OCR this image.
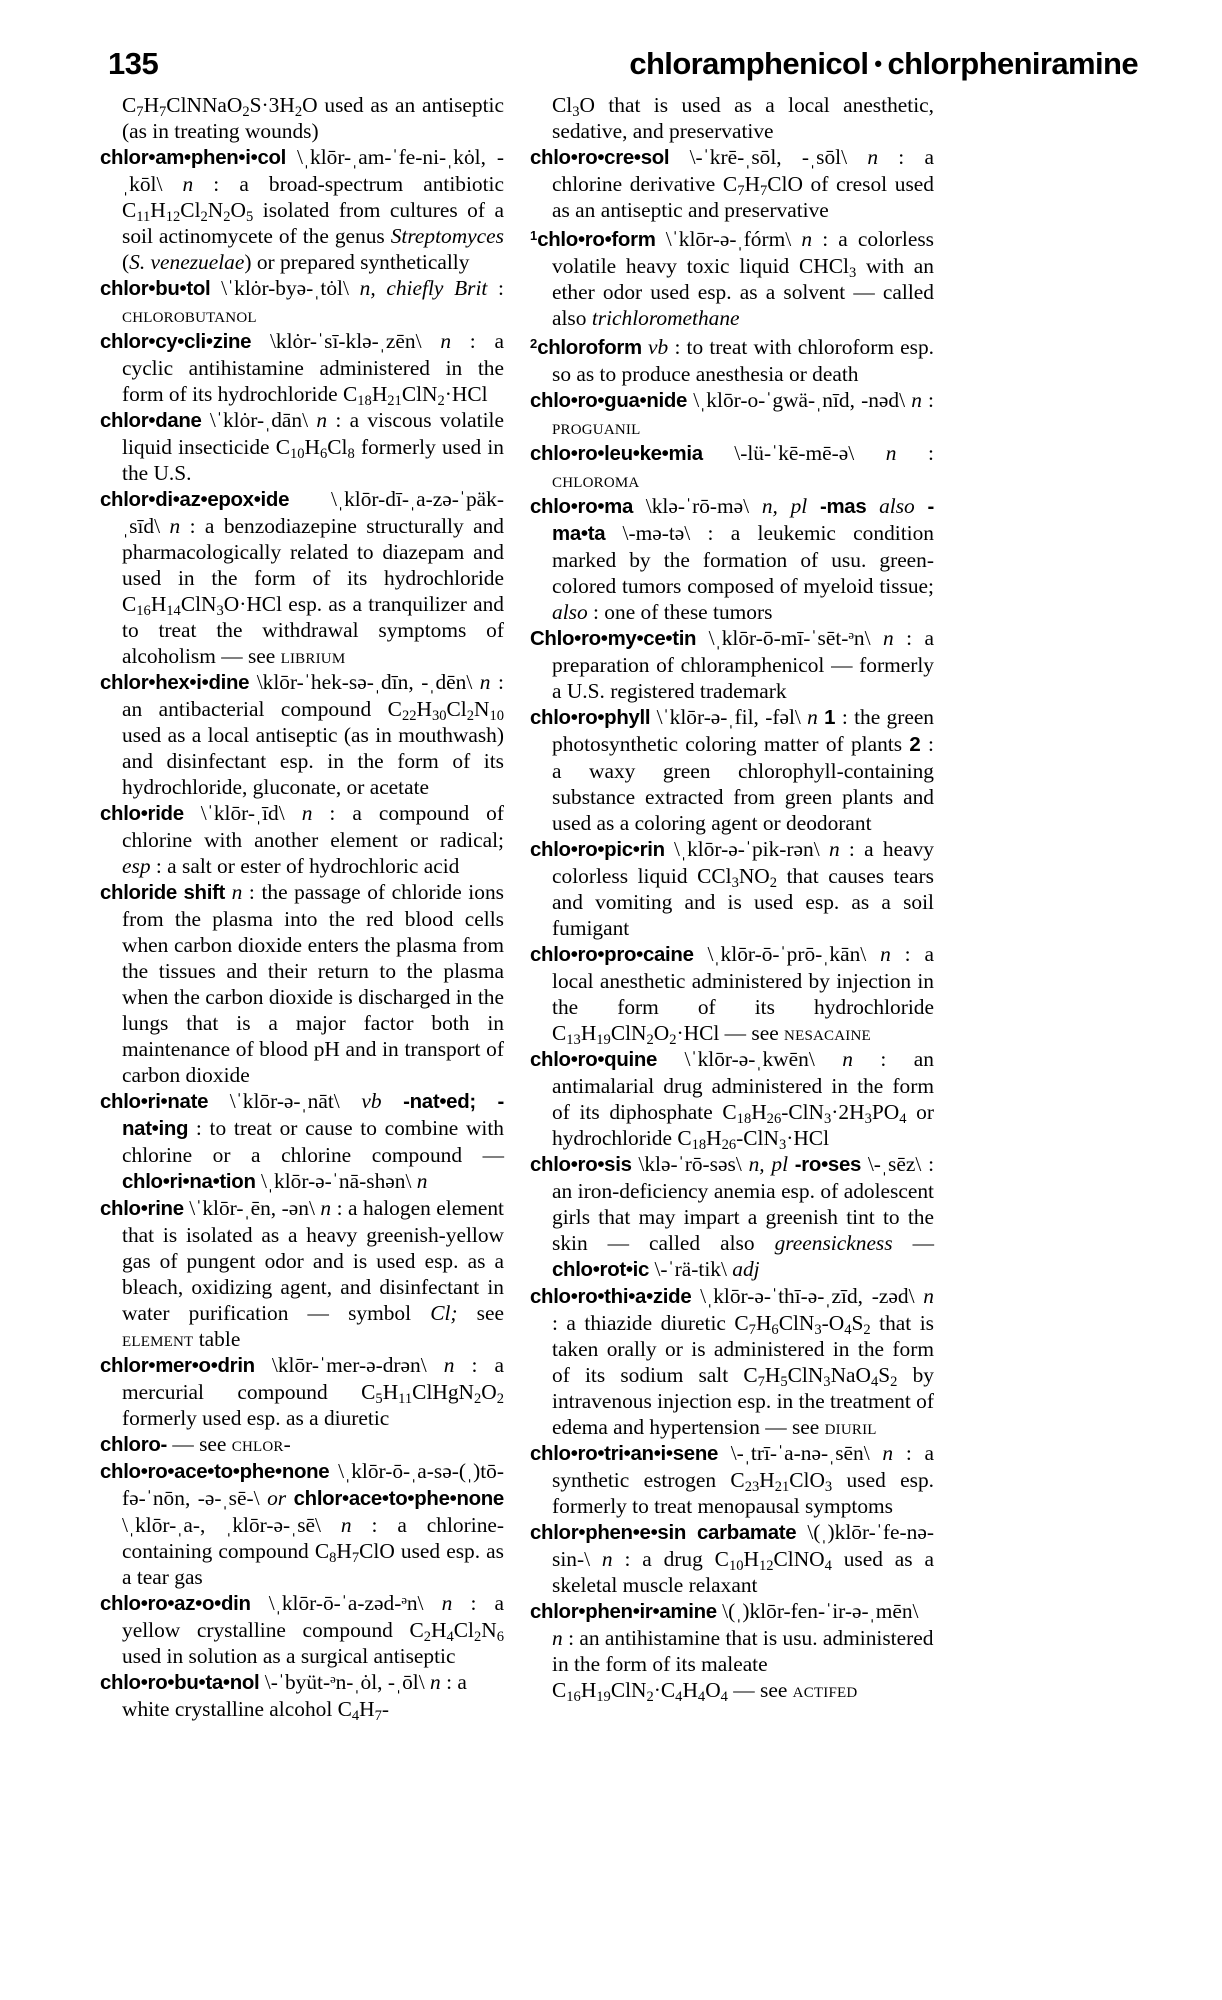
135	chloramphenicol • chlorpheniramine

$C_7H_7ClNNaO_2S\cdot 3H_2O$ used as an antiseptic (as in treating wounds)

chlor•am•phen•i•col \ˌklōr-ˌam-ˈfe-ni-ˌkȯl, -ˌkōl\ n : a broad-spectrum antibiotic $C_{11}H_{12}Cl_2N_2O_5$ isolated from cultures of a soil actinomycete of the genus Streptomyces (S. venezuelae) or prepared synthetically

chlor•bu•tol \ˈklȯr-byə-ˌtȯl\ n, chiefly Brit : chlorobutanol

chlor•cy•cli•zine \klȯr-ˈsī-klə-ˌzēn\ n : a cyclic antihistamine administered in the form of its hydrochloride $C_{18}H_{21}ClN_2\cdot HCl$

chlor•dane \ˈklȯr-ˌdān\ n : a viscous volatile liquid insecticide $C_{10}H_6Cl_8$ formerly used in the U.S.

chlor•di•az•epox•ide \ˌklōr-dī-ˌa-zə-ˈpäk-ˌsīd\ n : a benzodiazepine structurally and pharmacologically related to diazepam and used in the form of its hydrochloride $C_{16}H_{14}ClN_3O\cdot HCl$ esp. as a tranquilizer and to treat the withdrawal symptoms of alcoholism — see librium

chlor•hex•i•dine \klōr-ˈhek-sə-ˌdīn, -ˌdēn\ n : an antibacterial compound $C_{22}H_{30}Cl_2N_{10}$ used as a local antiseptic (as in mouthwash) and disinfectant esp. in the form of its hydrochloride, gluconate, or acetate

chlo•ride \ˈklōr-ˌīd\ n : a compound of chlorine with another element or radical; esp : a salt or ester of hydrochloric acid

chloride shift n : the passage of chloride ions from the plasma into the red blood cells when carbon dioxide enters the plasma from the tissues and their return to the plasma when the carbon dioxide is discharged in the lungs that is a major factor both in maintenance of blood pH and in transport of carbon dioxide

chlo•ri•nate \ˈklōr-ə-ˌnāt\ vb -nat•ed; -nat•ing : to treat or cause to combine with chlorine or a chlorine compound — chlo•ri•na•tion \ˌklōr-ə-ˈnā-shən\ n

chlo•rine \ˈklōr-ˌēn, -ən\ n : a halogen element that is isolated as a heavy greenish-yellow gas of pungent odor and is used esp. as a bleach, oxidizing agent, and disinfectant in water purification — symbol Cl; see element table

chlor•mer•o•drin \klōr-ˈmer-ə-drən\ n : a mercurial compound $C_5H_{11}ClHgN_2O_2$ formerly used esp. as a diuretic

chloro- — see chlor-

chlo•ro•ace•to•phe•none \ˌklōr-ō-ˌa-sə-(ˌ)tō-fə-ˈnōn, -ə-ˌsē-\ or chlor•ace•to•phe•none \ˌklōr-ˌa-, ˌklōr-ə-ˌsē\ n : a chlorine-containing compound $C_8H_7ClO$ used esp. as a tear gas

chlo•ro•az•o•din \ˌklōr-ō-ˈa-zəd-ᵊn\ n : a yellow crystalline compound $C_2H_4Cl_2N_6$ used in solution as a surgical antiseptic

chlo•ro•bu•ta•nol \-ˈbyüt-ᵊn-ˌȯl, -ˌōl\ n : a white crystalline alcohol $C_4H_7-$

$Cl_3O$ that is used as a local anesthetic, sedative, and preservative

chlo•ro•cre•sol \-ˈkrē-ˌsōl, -ˌsōl\ n : a chlorine derivative $C_7H_7ClO$ of cresol used as an antiseptic and preservative

$^1$chlo•ro•form \ˈklōr-ə-ˌfórm\ n : a colorless volatile heavy toxic liquid CHCl$_3$ with an ether odor used esp. as a solvent — called also trichloromethane

$^2$chloroform vb : to treat with chloroform esp. so as to produce anesthesia or death

chlo•ro•gua•nide \ˌklōr-o-ˈgwä-ˌnīd, -nəd\ n : proguanil

chlo•ro•leu•ke•mia \-lü-ˈkē-mē-ə\ n : chloroma

chlo•ro•ma \klə-ˈrō-mə\ n, pl -mas also -ma•ta \-mə-tə\ : a leukemic condition marked by the formation of usu. green-colored tumors composed of myeloid tissue; also : one of these tumors

Chlo•ro•my•ce•tin \ˌklōr-ō-mī-ˈsēt-ᵊn\ n : a preparation of chloramphenicol — formerly a U.S. registered trademark

chlo•ro•phyll \ˈklōr-ə-ˌfil, -fəl\ n 1 : the green photosynthetic coloring matter of plants 2 : a waxy green chlorophyll-containing substance extracted from green plants and used as a coloring agent or deodorant

chlo•ro•pic•rin \ˌklōr-ə-ˈpik-rən\ n : a heavy colorless liquid $CCl_3NO_2$ that causes tears and vomiting and is used esp. as a soil fumigant

chlo•ro•pro•caine \ˌklōr-ō-ˈprō-ˌkān\ n : a local anesthetic administered by injection in the form of its hydrochloride $C_{13}H_{19}ClN_2O_2\cdot HCl$ — see nesacaine

chlo•ro•quine \ˈklōr-ə-ˌkwēn\ n : an antimalarial drug administered in the form of its diphosphate $C_{18}H_{26}-ClN_3\cdot 2H_3PO_4$ or hydrochloride $C_{18}H_{26}-ClN_3\cdot HCl$

chlo•ro•sis \klə-ˈrō-səs\ n, pl -ro•ses \-ˌsēz\ : an iron-deficiency anemia esp. of adolescent girls that may impart a greenish tint to the skin — called also greensickness — chlo•rot•ic \-ˈrä-tik\ adj

chlo•ro•thi•a•zide \ˌklōr-ə-ˈthī-ə-ˌzīd, -zəd\ n : a thiazide diuretic $C_7H_6ClN_3-O_4S_2$ that is taken orally or is administered in the form of its sodium salt $C_7H_5ClN_3NaO_4S_2$ by intravenous injection esp. in the treatment of edema and hypertension — see diuril

chlo•ro•tri•an•i•sene \-ˌtrī-ˈa-nə-ˌsēn\ n : a synthetic estrogen $C_{23}H_{21}ClO_3$ used esp. formerly to treat menopausal symptoms

chlor•phen•e•sin carbamate \(ˌ)klōr-ˈfe-nə-sin-\ n : a drug $C_{10}H_{12}ClNO_4$ used as a skeletal muscle relaxant

chlor•phen•ir•amine \(ˌ)klōr-fen-ˈir-ə-ˌmēn\ n : an antihistamine that is usu. administered in the form of its maleate $C_{16}H_{19}ClN_2\cdot C_4H_4O_4$ — see actifed
